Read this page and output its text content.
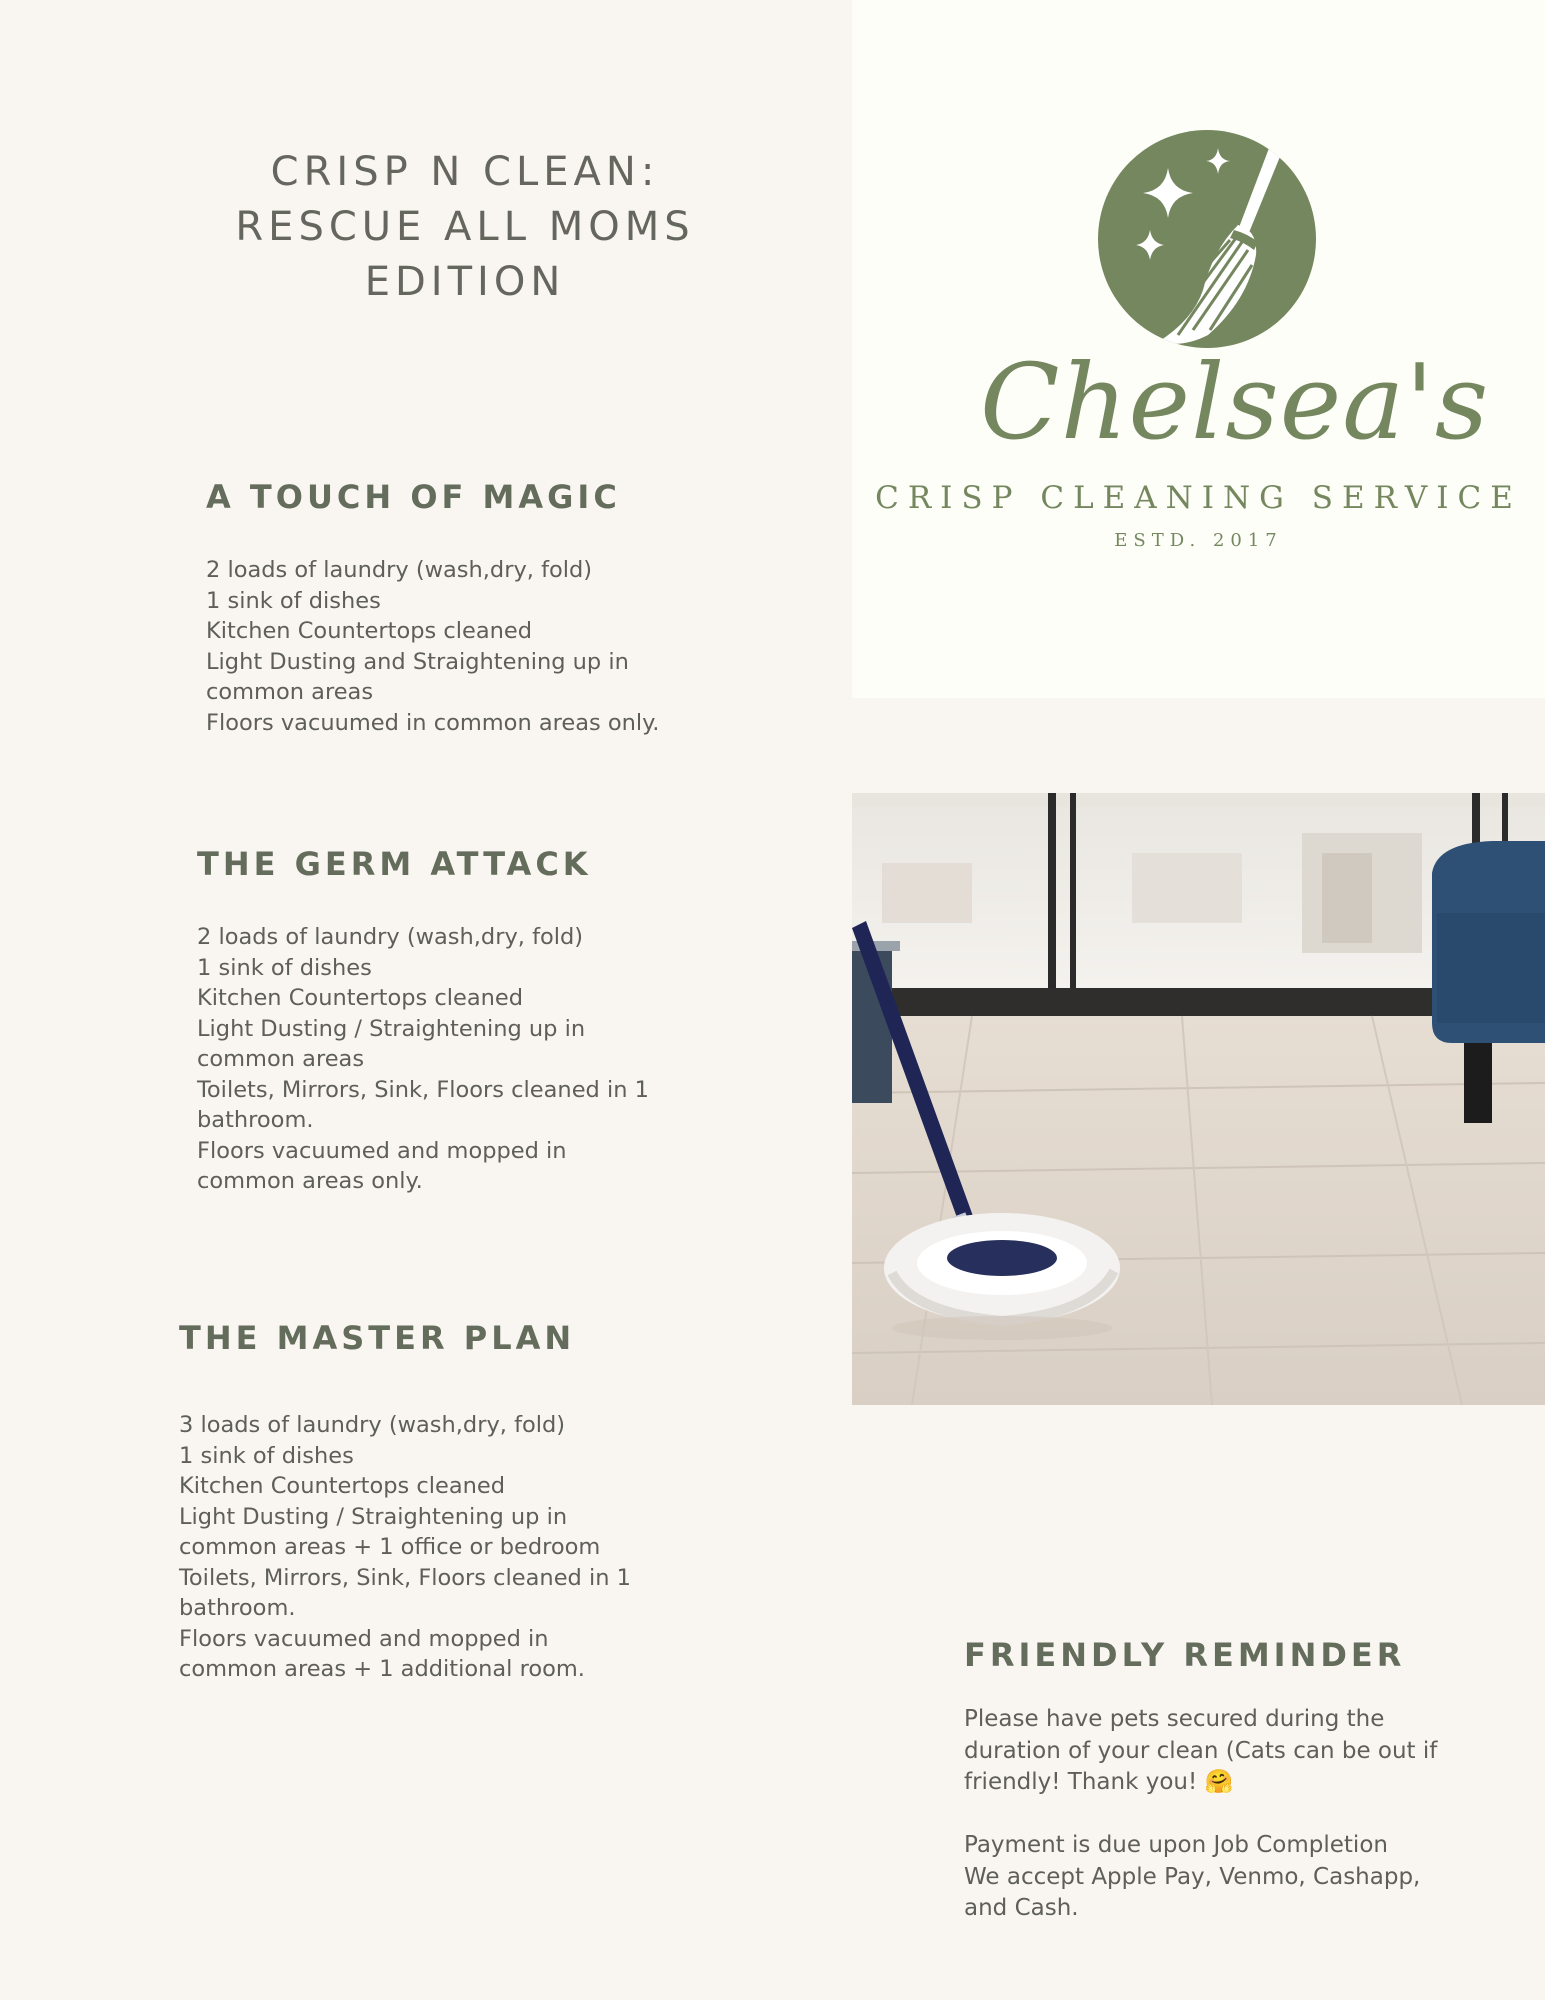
CRISP N CLEAN:
RESCUE ALL MOMS
EDITION
A TOUCH OF MAGIC
2 loads of laundry (wash,dry, fold)
1 sink of dishes
Kitchen Countertops cleaned
Light Dusting and Straightening up in
common areas
Floors vacuumed in common areas only.
THE GERM ATTACK
2 loads of laundry (wash,dry, fold)
1 sink of dishes
Kitchen Countertops cleaned
Light Dusting / Straightening up in
common areas
Toilets, Mirrors, Sink, Floors cleaned in 1
bathroom.
Floors vacuumed and mopped in
common areas only.
THE MASTER PLAN
3 loads of laundry (wash,dry, fold)
1 sink of dishes
Kitchen Countertops cleaned
Light Dusting / Straightening up in
common areas + 1 office or bedroom
Toilets, Mirrors, Sink, Floors cleaned in 1
bathroom.
Floors vacuumed and mopped in
common areas + 1 additional room.
Chelsea's
CRISP CLEANING SERVICE
ESTD. 2017
FRIENDLY REMINDER
Please have pets secured during the
duration of your clean (Cats can be out if
friendly! Thank you! 🤗
Payment is due upon Job Completion
We accept Apple Pay, Venmo, Cashapp,
and Cash.
